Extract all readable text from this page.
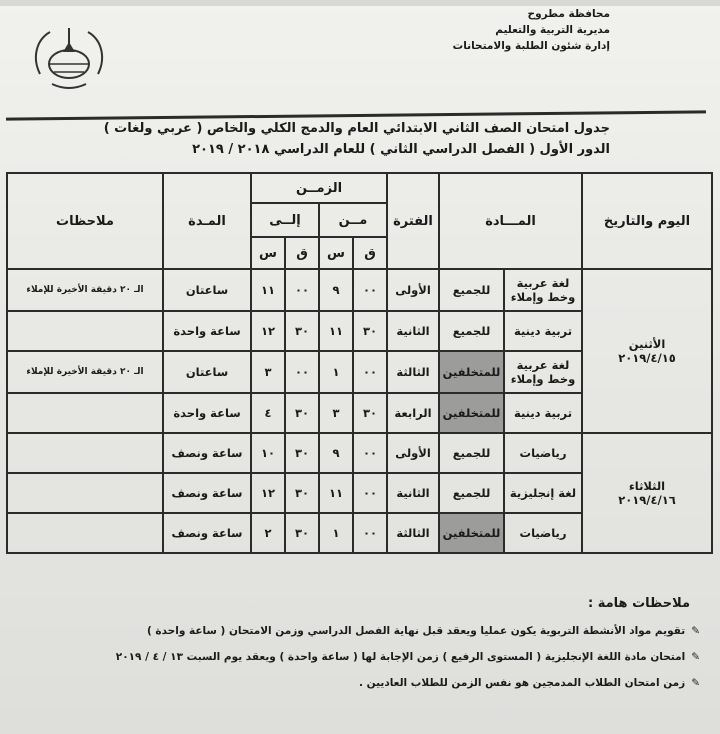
محافظة مطروح
مديرية التربية والتعليم
إدارة شئون الطلبة والامتحانات
جدول امتحان الصف الثاني الابتدائي العام والدمج الكلي والخاص ( عربي ولغات )
الدور الأول ( الفصل الدراسي الثاني ) للعام الدراسي ٢٠١٨ / ٢٠١٩
اليوم والتاريخ	المـــادة		الفترة	الزمــن				المـدة	ملاحظات
				مــن		إلــى			
				ق	س	ق	س		

الأثنين
٢٠١٩/٤/١٥	لغة عربية وخط وإملاء	للجميع	الأولى	٠٠	٩	٠٠	١١	ساعتان	الـ ٢٠ دقيقة الأخيرة للإملاء
	تربية دينية	للجميع	الثانية	٣٠	١١	٣٠	١٢	ساعة واحدة	
	لغة عربية وخط وإملاء	للمتخلفين	الثالثة	٠٠	١	٠٠	٣	ساعتان	الـ ٢٠ دقيقة الأخيرة للإملاء
	تربية دينية	للمتخلفين	الرابعة	٣٠	٣	٣٠	٤	ساعة واحدة	

الثلاثاء
٢٠١٩/٤/١٦	رياضيات	للجميع	الأولى	٠٠	٩	٣٠	١٠	ساعة ونصف	
	لغة إنجليزية	للجميع	الثانية	٠٠	١١	٣٠	١٢	ساعة ونصف	
	رياضيات	للمتخلفين	الثالثة	٠٠	١	٣٠	٢	ساعة ونصف	
ملاحظات هامة :
✎تقويم مواد الأنشطة التربوية يكون عمليا ويعقد قبل نهاية الفصل الدراسي وزمن الامتحان ( ساعة واحدة )
✎امتحان مادة اللغة الإنجليزية ( المستوى الرفيع ) زمن الإجابة لها ( ساعة واحدة ) ويعقد يوم السبت ١٣ / ٤ / ٢٠١٩
✎زمن امتحان الطلاب المدمجين هو نفس الزمن للطلاب العاديين .
